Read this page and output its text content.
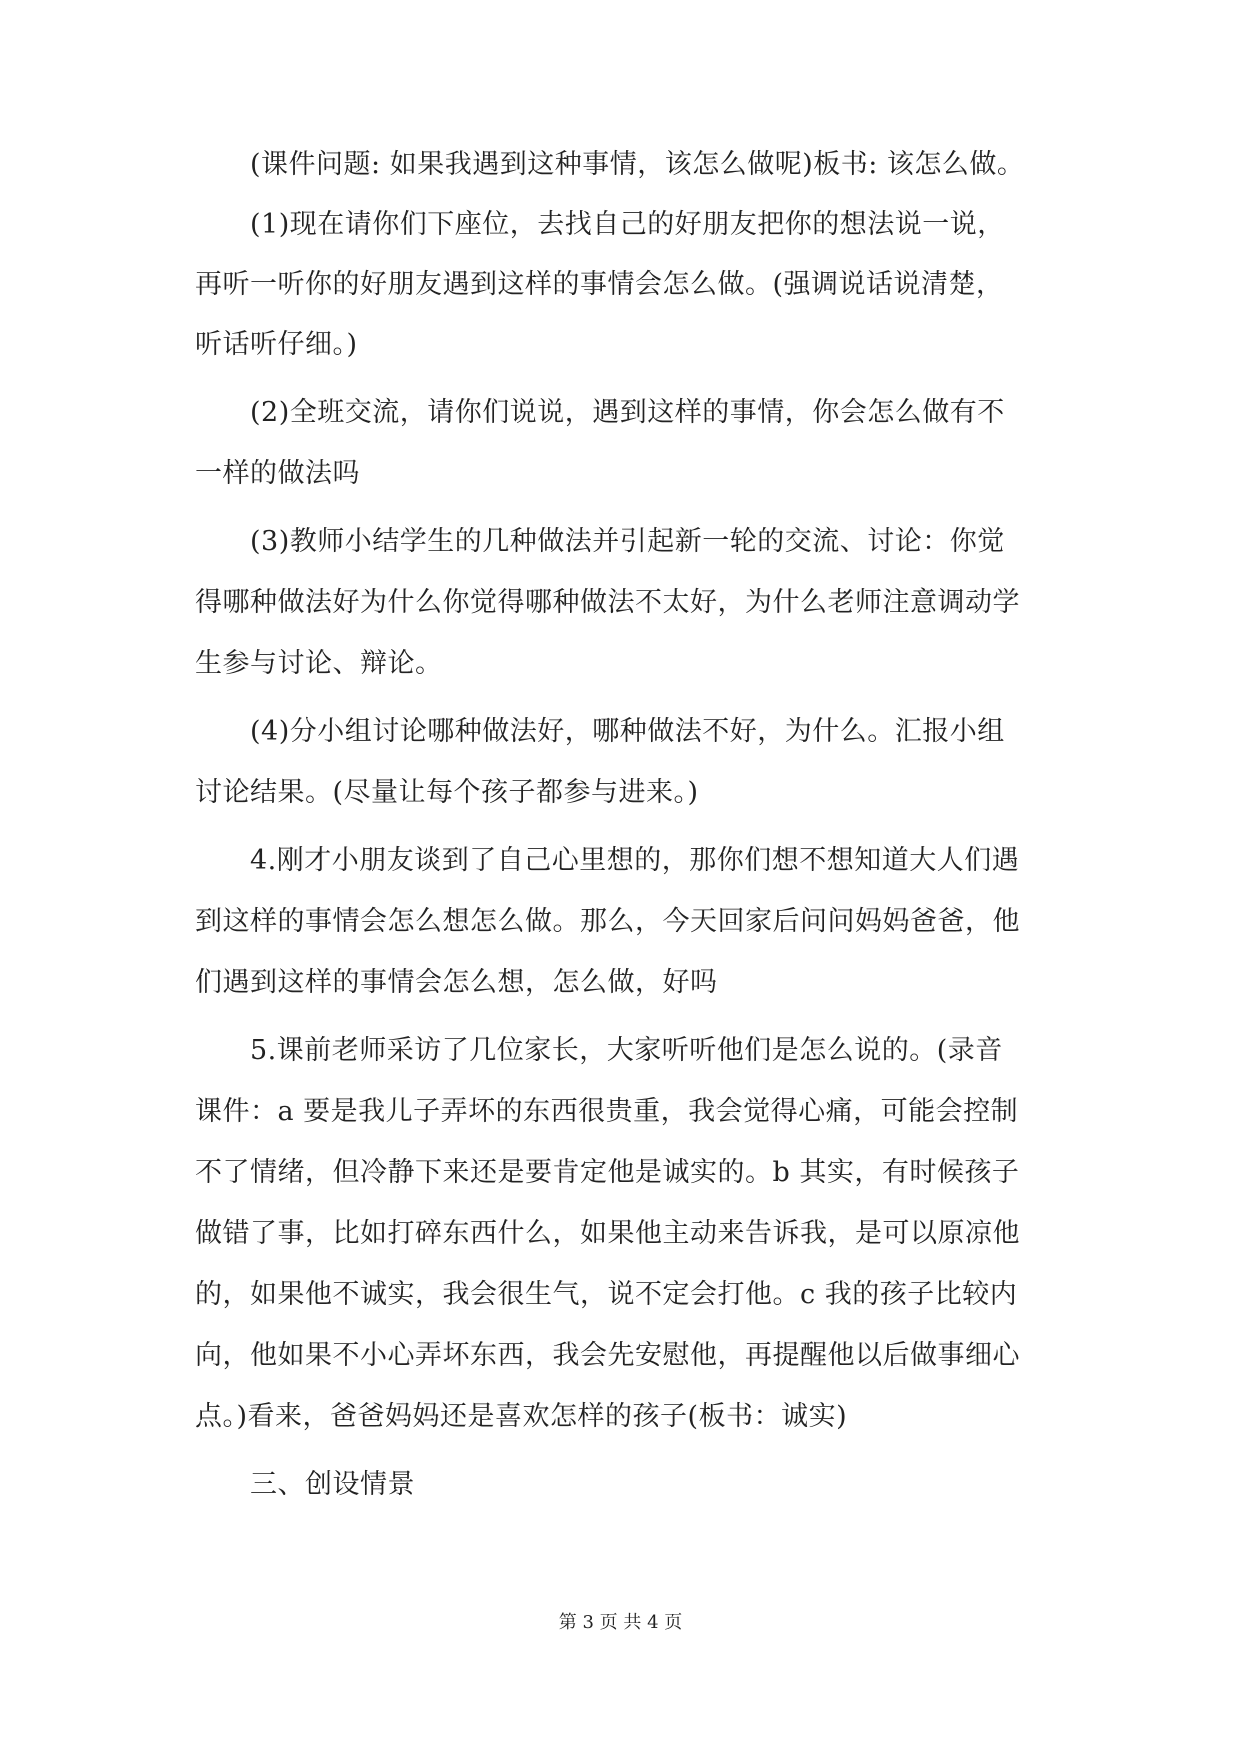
(课件问题: 如果我遇到这种事情，该怎么做呢)板书: 该怎么做。
(1)现在请你们下座位，去找自己的好朋友把你的想法说一说，
再听一听你的好朋友遇到这样的事情会怎么做。(强调说话说清楚，
听话听仔细。)
(2)全班交流，请你们说说，遇到这样的事情，你会怎么做有不
一样的做法吗
(3)教师小结学生的几种做法并引起新一轮的交流、讨论：你觉
得哪种做法好为什么你觉得哪种做法不太好，为什么老师注意调动学
生参与讨论、辩论。
(4)分小组讨论哪种做法好，哪种做法不好，为什么。汇报小组
讨论结果。(尽量让每个孩子都参与进来。)
4.刚才小朋友谈到了自己心里想的，那你们想不想知道大人们遇
到这样的事情会怎么想怎么做。那么，今天回家后问问妈妈爸爸，他
们遇到这样的事情会怎么想，怎么做，好吗
5.课前老师采访了几位家长，大家听听他们是怎么说的。(录音
课件：a 要是我儿子弄坏的东西很贵重，我会觉得心痛，可能会控制
不了情绪，但冷静下来还是要肯定他是诚实的。b 其实，有时候孩子
做错了事，比如打碎东西什么，如果他主动来告诉我，是可以原凉他
的，如果他不诚实，我会很生气，说不定会打他。c 我的孩子比较内
向，他如果不小心弄坏东西，我会先安慰他，再提醒他以后做事细心
点。)看来，爸爸妈妈还是喜欢怎样的孩子(板书：诚实)
三、创设情景
第 3 页 共 4 页
